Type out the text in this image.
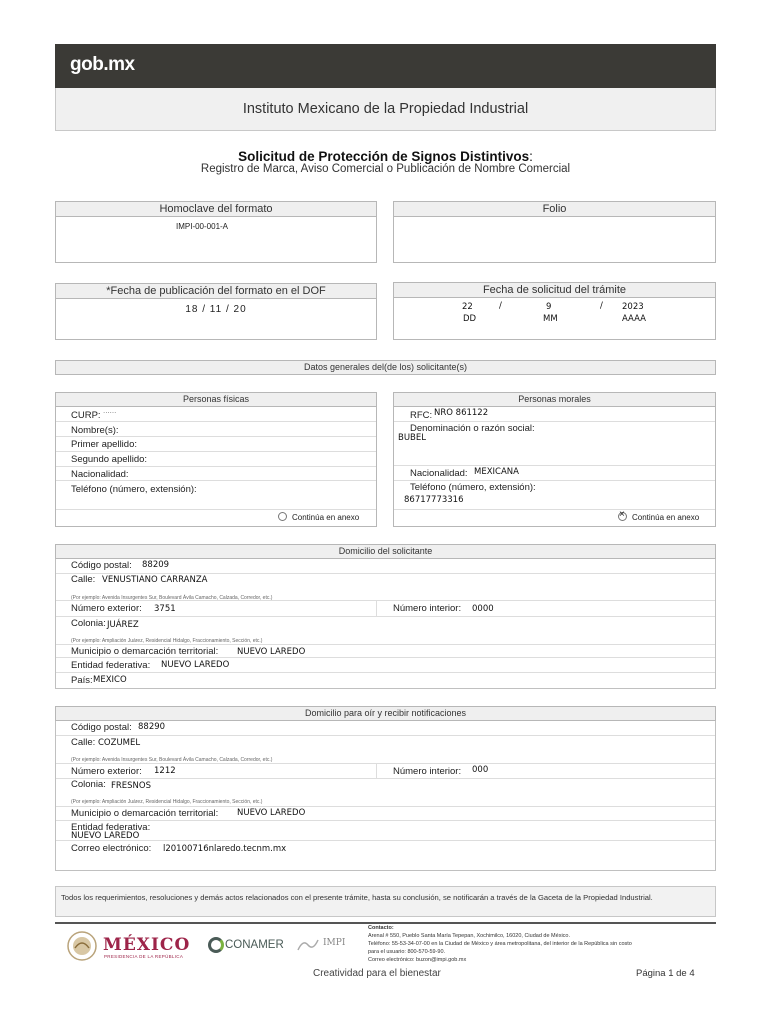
gob.mx
Instituto Mexicano de la Propiedad Industrial
Solicitud de Protección de Signos Distintivos:
Registro de Marca, Aviso Comercial o Publicación de Nombre Comercial
Homoclave del formato
IMPI-00-001-A
Folio
*Fecha de publicación del formato en el DOF
18 / 11 / 20
Fecha de solicitud del trámite
22	/	9	/ 2023
DD	MM	AAAA
Datos generales del(de los) solicitante(s)
Personas físicas
CURP: ······
Nombre(s):
Primer apellido:
Segundo apellido:
Nacionalidad:
Teléfono (número, extensión):
Continúa en anexo
Personas morales
RFC: NRO 861122
Denominación o razón social:
BUBEL
Nacionalidad: MEXICANA
Teléfono (número, extensión):
86717773316
×Continúa en anexo
Domicilio del solicitante
Código postal: 88209
Calle: VENUSTIANO CARRANZA
(Por ejemplo: Avenida Insurgentes Sur, Boulevard Ávila Camacho, Calzada, Corredor, etc.)
Número exterior: 3751	Número interior: 0000
Colonia: JUÁREZ
(Por ejemplo: Ampliación Juárez, Residencial Hidalgo, Fraccionamiento, Sección, etc.)
Municipio o demarcación territorial: NUEVO LAREDO
Entidad federativa: NUEVO LAREDO
País: MEXICO
Domicilio para oír y recibir notificaciones
Código postal: 88290
Calle: COZUMEL
(Por ejemplo: Avenida Insurgentes Sur, Boulevard Ávila Camacho, Calzada, Corredor, etc.)
Número exterior: 1212	Número interior: 000
Colonia: FRESNOS
(Por ejemplo: Ampliación Juárez, Residencial Hidalgo, Fraccionamiento, Sección, etc.)
Municipio o demarcación territorial: NUEVO LAREDO
Entidad federativa:
NUEVO LAREDO
Correo electrónico: l20100716nlaredo.tecnm.mx
Todos los requerimientos, resoluciones y demás actos relacionados con el presente trámite, hasta su conclusión, se notificarán a través de la Gaceta de la Propiedad Industrial.
MÉXICO
PRESIDENCIA DE LA REPÚBLICA
CONAMER	IMPI
Contacto:
Arenal # 550, Pueblo Santa María Tepepan, Xochimilco, 16020, Ciudad de México.
Teléfono: 55-53-34-07-00 en la Ciudad de México y área metropolitana, del interior de la República sin costo
para el usuario: 800-570-59-90.
Correo electrónico: buzon@impi.gob.mx
Creatividad para el bienestar	Página 1 de 4
